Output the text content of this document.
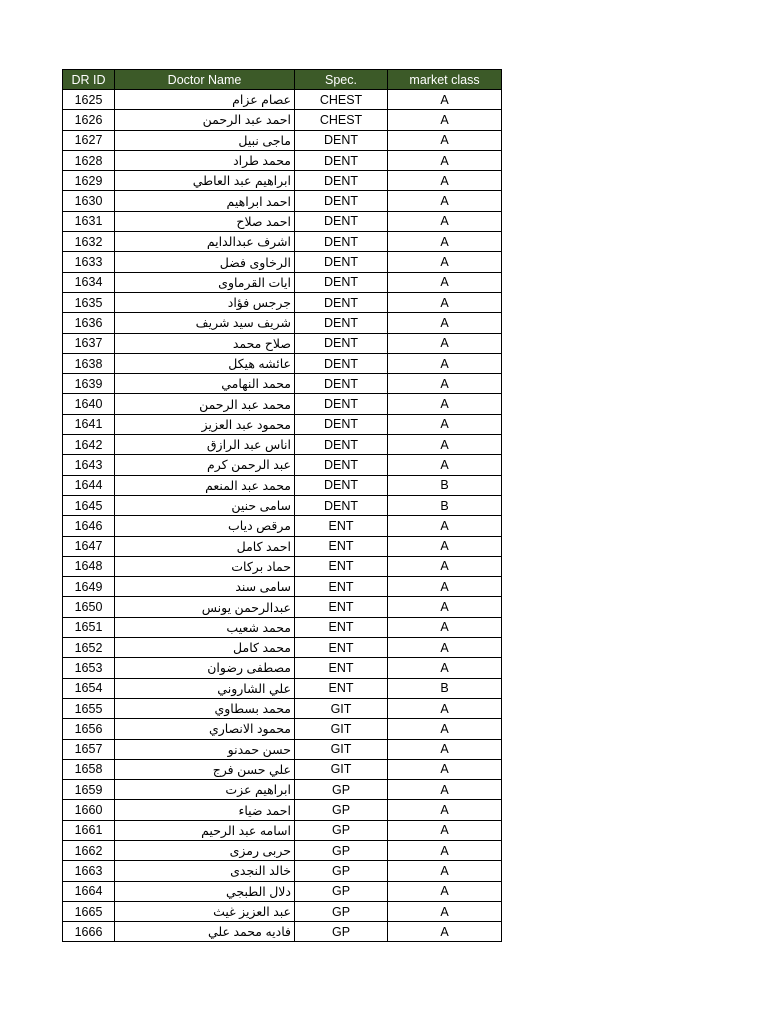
DR ID	Doctor Name	Spec.	market class
1625	عصام عزام	CHEST	A
1626	احمد عبد الرحمن	CHEST	A
1627	ماجى نبيل	DENT	A
1628	محمد طراد	DENT	A
1629	ابراهيم عبد العاطي	DENT	A
1630	احمد ابراهيم	DENT	A
1631	احمد صلاح	DENT	A
1632	اشرف عبدالدايم	DENT	A
1633	الرخاوى فضل	DENT	A
1634	ايات القرماوى	DENT	A
1635	جرجس فؤاد	DENT	A
1636	شريف سيد شريف	DENT	A
1637	صلاح محمد	DENT	A
1638	عائشه هيكل	DENT	A
1639	محمد النهامي	DENT	A
1640	محمد عبد الرحمن	DENT	A
1641	محمود عبد العزيز	DENT	A
1642	اناس عبد الرازق	DENT	A
1643	عبد الرحمن كرم	DENT	A
1644	محمد عبد المنعم	DENT	B
1645	سامى حنين	DENT	B
1646	مرقص دياب	ENT	A
1647	احمد كامل	ENT	A
1648	حماد بركات	ENT	A
1649	سامى سند	ENT	A
1650	عبدالرحمن يونس	ENT	A
1651	محمد شعيب	ENT	A
1652	محمد كامل	ENT	A
1653	مصطفى رضوان	ENT	A
1654	علي الشاروني	ENT	B
1655	محمد بسطاوي	GIT	A
1656	محمود الانصاري	GIT	A
1657	حسن حمدنو	GIT	A
1658	علي حسن فرج	GIT	A
1659	ابراهيم عزت	GP	A
1660	احمد ضياء	GP	A
1661	اسامه عبد الرحيم	GP	A
1662	حربى رمزى	GP	A
1663	خالد النجدى	GP	A
1664	دلال الطبجي	GP	A
1665	عبد العزيز غيث	GP	A
1666	فاديه محمد علي	GP	A
